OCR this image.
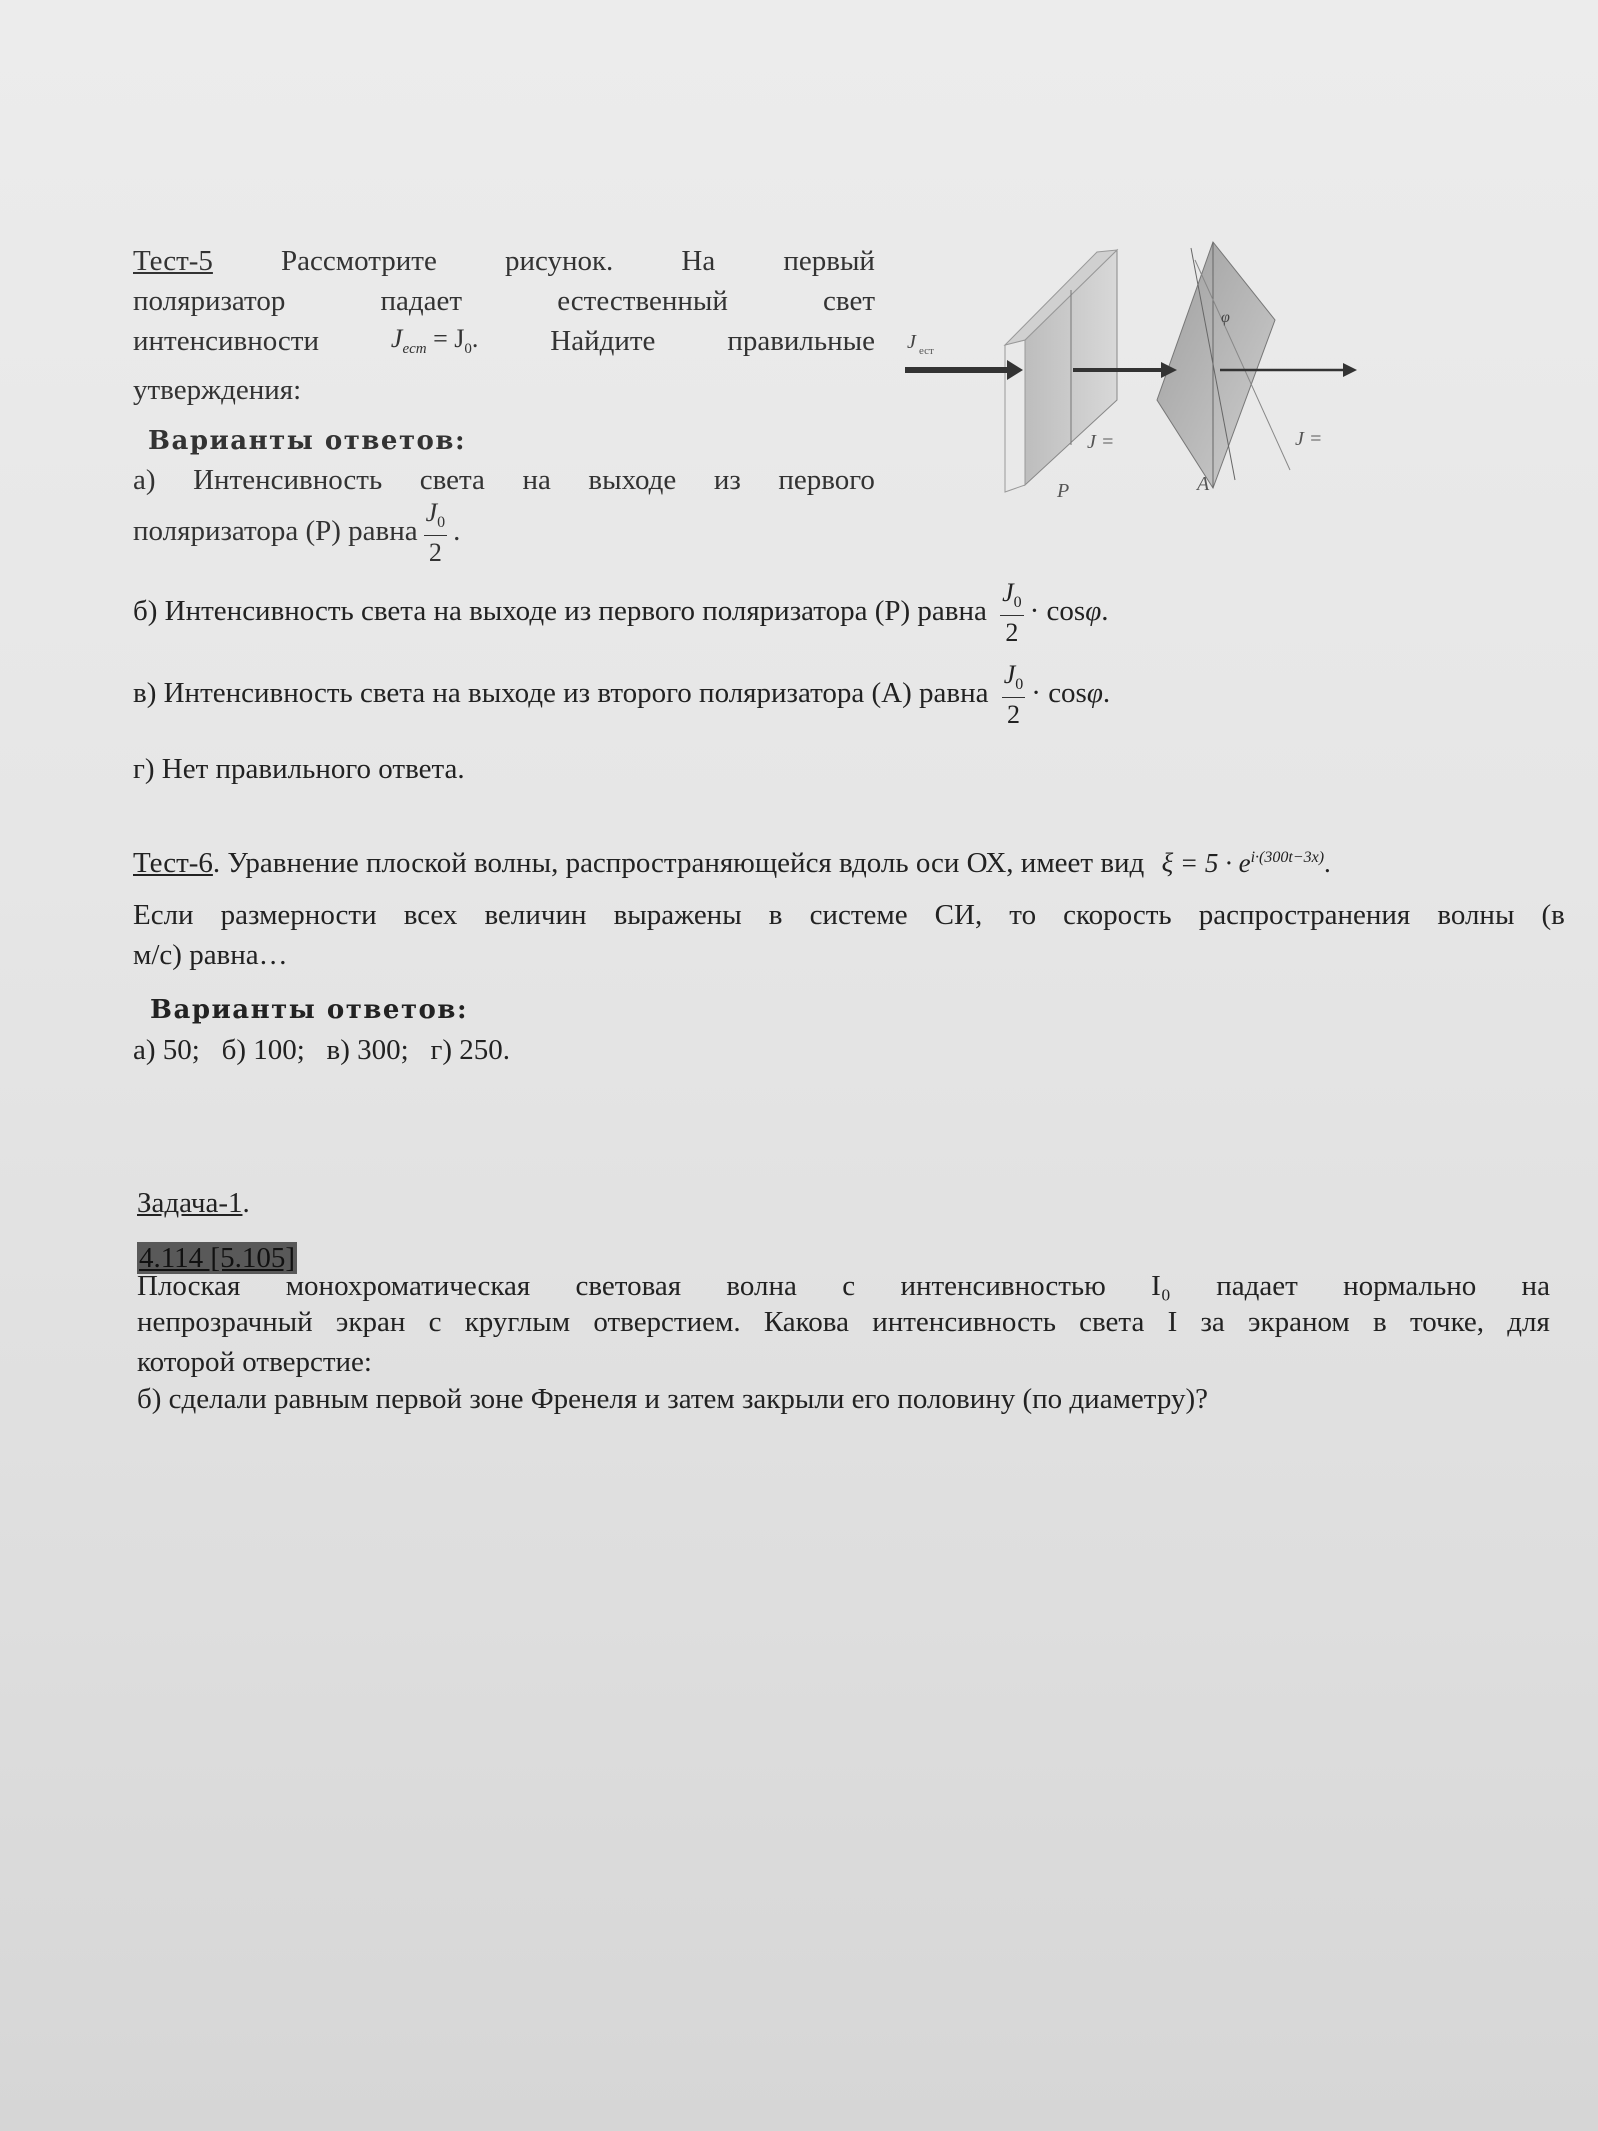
Тест-5 Рассмотрите рисунок. На первый
поляризатор	падает	естественный	свет
интенсивности	$J_{ecm} = J_0$. Найдите правильные
утверждения:
Варианты ответов:
а) Интенсивность света на выходе из первого
поляризатора (Р) равна $\frac{J_0}{2}$ .
б) Интенсивность света на выходе из первого поляризатора (Р) равна $\frac{J_0}{2} \cdot \cos\varphi$.
в) Интенсивность света на выходе из второго поляризатора (А) равна $\frac{J_0}{2} \cdot \cos\varphi$.
г) Нет правильного ответа.
J ест
J =	J =
P	A
φ
Тест-6. Уравнение плоской волны, распространяющейся вдоль оси ОХ, имеет вид $\xi = 5 \cdot e^{i\cdot(300t-3x)}$.
Если размерности всех величин выражены в системе СИ, то скорость распространения волны (в
м/с) равна…
Варианты ответов:
а) 50;   б) 100;   в) 300;   г) 250.
Задача-1.
4.114 [5.105]
Плоская монохроматическая световая волна с интенсивностью I₀ падает нормально на
непрозрачный экран с круглым отверстием. Какова интенсивность света I за экраном в точке, для
которой отверстие:
б) сделали равным первой зоне Френеля и затем закрыли его половину (по диаметру)?
